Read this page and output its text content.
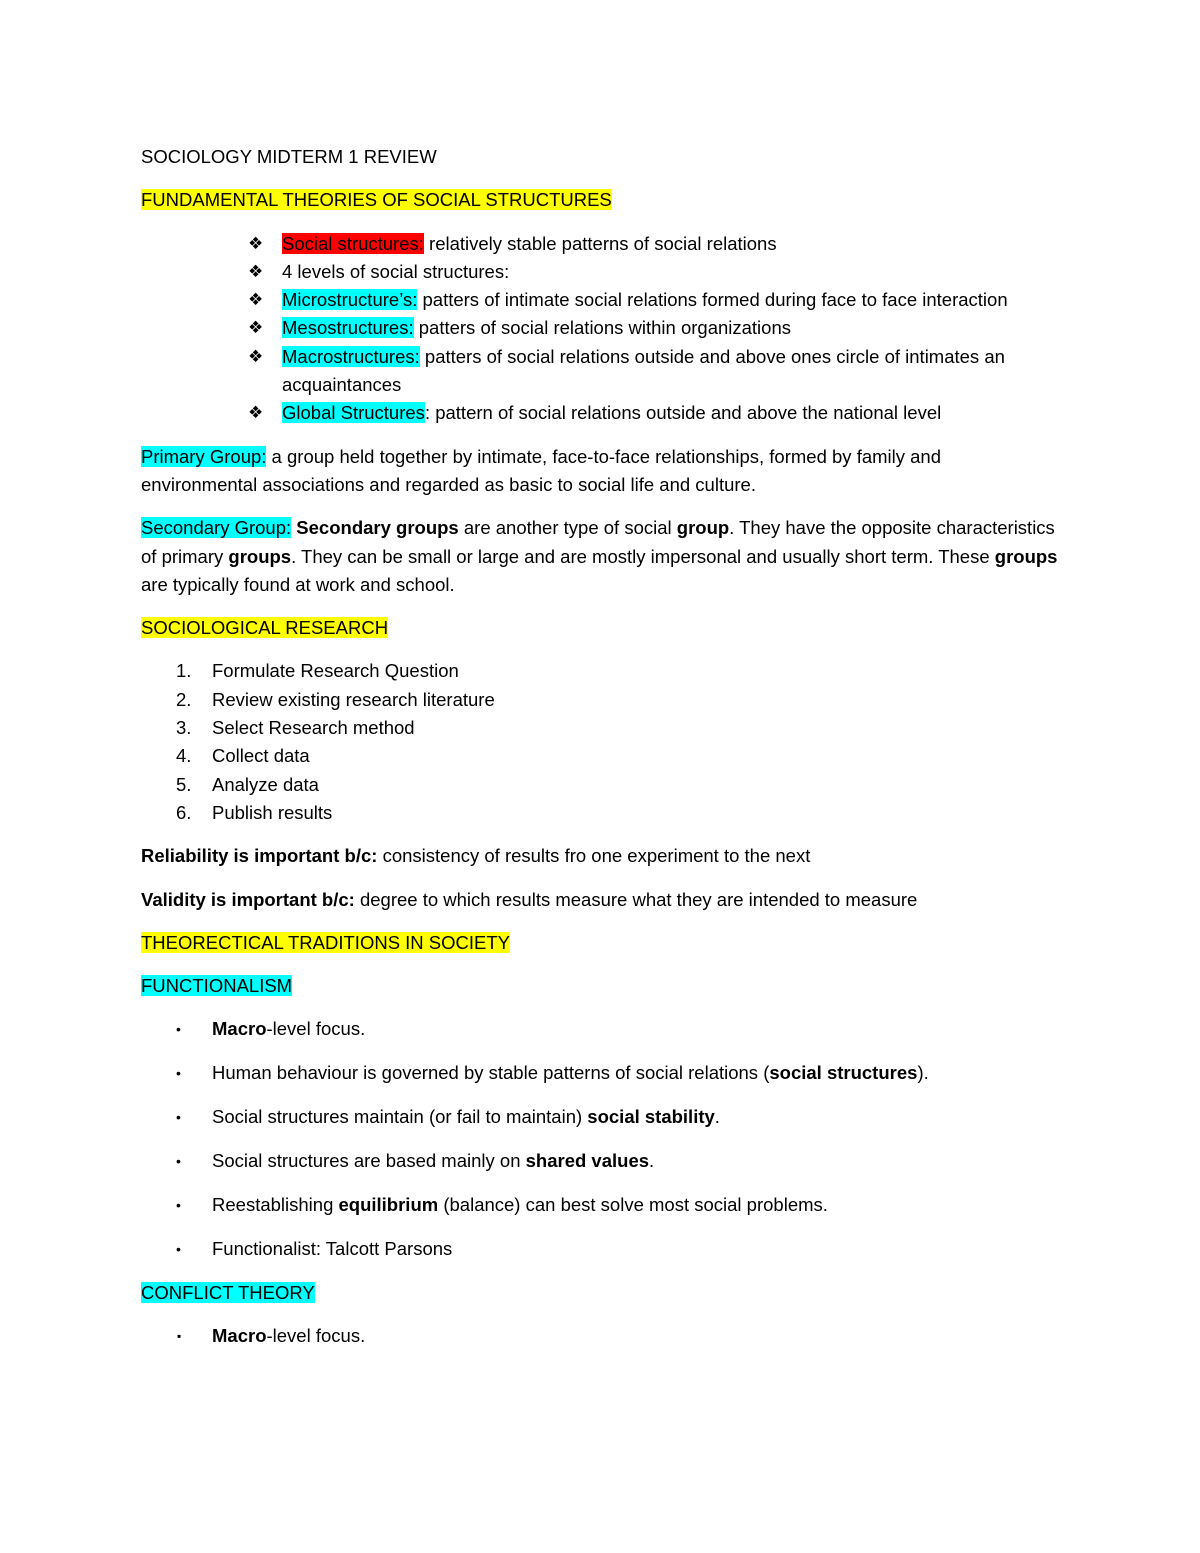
SOCIOLOGY MIDTERM 1 REVIEW

FUNDAMENTAL THEORIES OF SOCIAL STRUCTURES

❖ Social structures: relatively stable patterns of social relations
❖ 4 levels of social structures:
❖ Microstructure’s: patters of intimate social relations formed during face to face interaction
❖ Mesostructures: patters of social relations within organizations
❖ Macrostructures: patters of social relations outside and above ones circle of intimates an acquaintances
❖ Global Structures: pattern of social relations outside and above the national level

Primary Group: a group held together by intimate, face-to-face relationships, formed by family and environmental associations and regarded as basic to social life and culture.

Secondary Group: Secondary groups are another type of social group. They have the opposite characteristics of primary groups. They can be small or large and are mostly impersonal and usually short term. These groups are typically found at work and school.

SOCIOLOGICAL RESEARCH

1. Formulate Research Question
2. Review existing research literature
3. Select Research method
4. Collect data
5. Analyze data
6. Publish results

Reliability is important b/c: consistency of results fro one experiment to the next

Validity is important b/c: degree to which results measure what they are intended to measure

THEORECTICAL TRADITIONS IN SOCIETY

FUNCTIONALISM

• Macro-level focus.
• Human behaviour is governed by stable patterns of social relations (social structures).
• Social structures maintain (or fail to maintain) social stability.
• Social structures are based mainly on shared values.
• Reestablishing equilibrium (balance) can best solve most social problems.
• Functionalist: Talcott Parsons

CONFLICT THEORY

▪ Macro-level focus.
